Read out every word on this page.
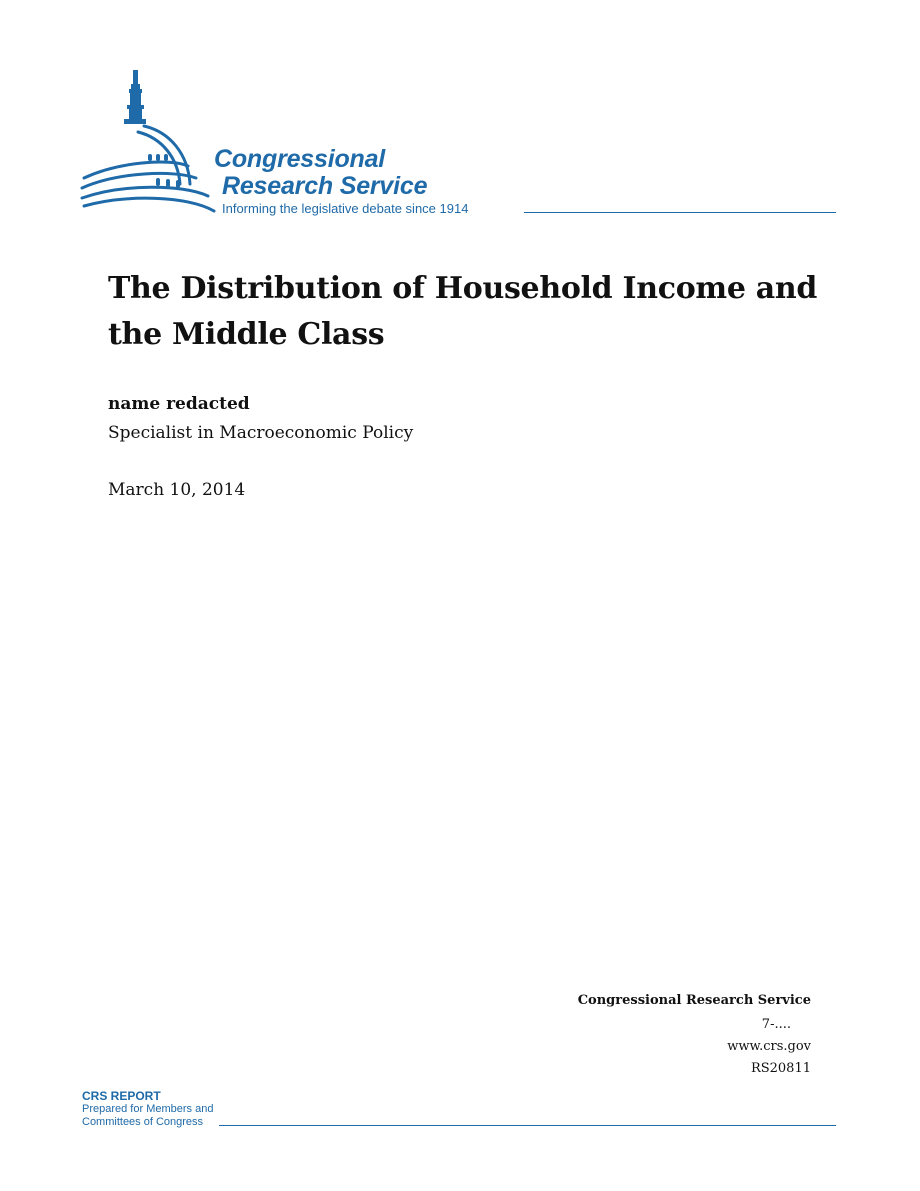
Congressional
Research Service
Informing the legislative debate since 1914
The Distribution of Household Income and the Middle Class
name redacted
Specialist in Macroeconomic Policy
March 10, 2014
Congressional Research Service
7-....
www.crs.gov
RS20811
CRS REPORT
Prepared for Members and
Committees of Congress
